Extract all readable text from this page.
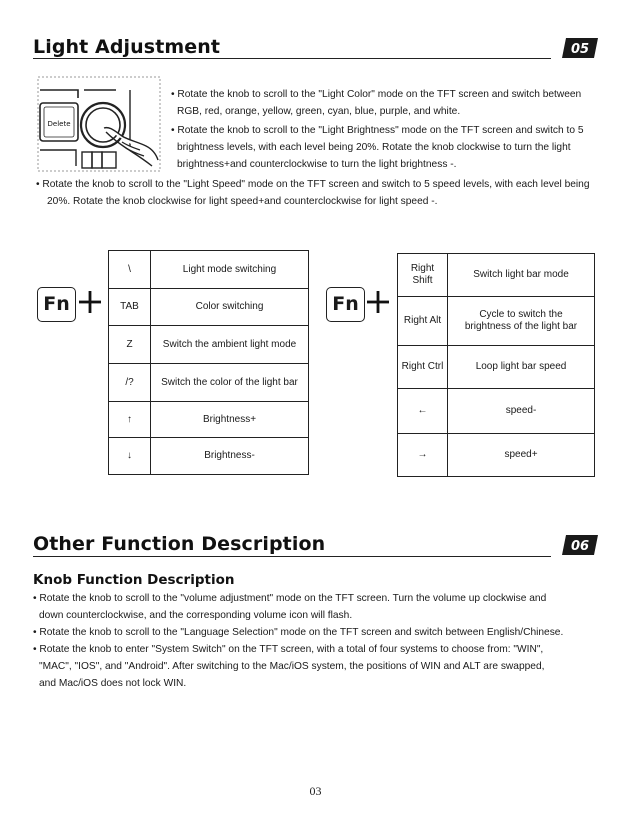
Light Adjustment	05
Delete
• Rotate the knob to scroll to the "Light Color" mode on the TFT screen and switch between
RGB, red, orange, yellow, green, cyan, blue, purple, and white.
• Rotate the knob to scroll to the "Light Brightness" mode on the TFT screen and switch to 5
brightness levels, with each level being 20%. Rotate the knob clockwise to turn the light
brightness+and counterclockwise to turn the light brightness -.
• Rotate the knob to scroll to the "Light Speed" mode on the TFT screen and switch to 5 speed levels, with each level being
20%. Rotate the knob clockwise for light speed+and counterclockwise for light speed -.
Fn
\	Light mode switching
TAB	Color switching
Z	Switch the ambient light mode
/?	Switch the color of the light bar
↑	Brightness+
↓	Brightness-
Fn
Right Shift	Switch light bar mode
Right Alt	Cycle to switch the brightness of the light bar
Right Ctrl	Loop light bar speed
←	speed-
→	speed+
Other Function Description	06
Knob Function Description
• Rotate the knob to scroll to the "volume adjustment" mode on the TFT screen. Turn the volume up clockwise and
down counterclockwise, and the corresponding volume icon will flash.
• Rotate the knob to scroll to the "Language Selection" mode on the TFT screen and switch between English/Chinese.
• Rotate the knob to enter "System Switch" on the TFT screen, with a total of four systems to choose from: "WIN",
"MAC", "IOS", and "Android". After switching to the Mac/iOS system, the positions of WIN and ALT are swapped,
and Mac/iOS does not lock WIN.
03
